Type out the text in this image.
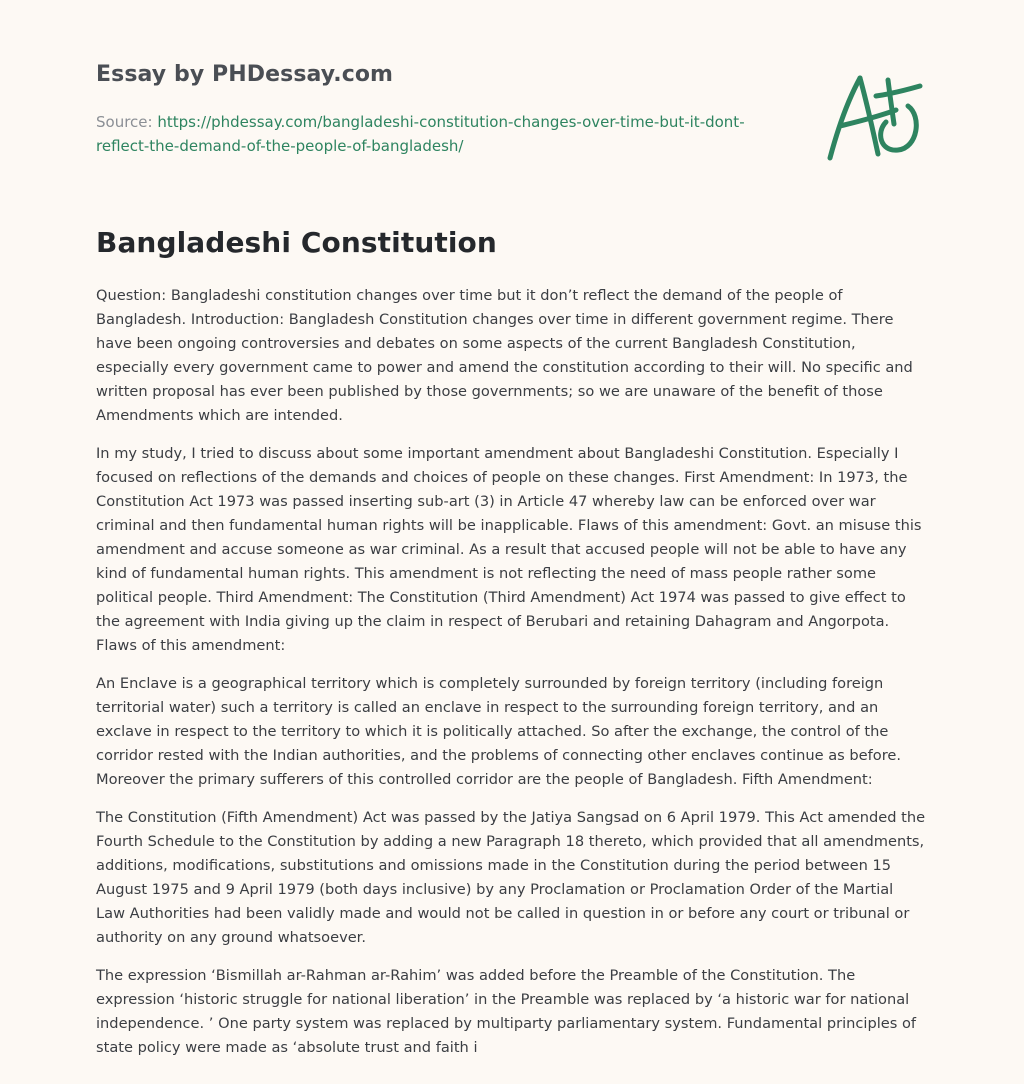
Essay by PHDessay.com
Source: https://phdessay.com/bangladeshi-constitution-changes-over-time-but-it-dont-reflect-the-demand-of-the-people-of-bangladesh/
Bangladeshi Constitution

Question: Bangladeshi constitution changes over time but it don’t reflect the demand of the people of Bangladesh. Introduction: Bangladesh Constitution changes over time in different government regime. There have been ongoing controversies and debates on some aspects of the current Bangladesh Constitution, especially every government came to power and amend the constitution according to their will. No specific and written proposal has ever been published by those governments; so we are unaware of the benefit of those Amendments which are intended.

In my study, I tried to discuss about some important amendment about Bangladeshi Constitution. Especially I focused on reflections of the demands and choices of people on these changes. First Amendment: In 1973, the Constitution Act 1973 was passed inserting sub-art (3) in Article 47 whereby law can be enforced over war criminal and then fundamental human rights will be inapplicable. Flaws of this amendment: Govt. an misuse this amendment and accuse someone as war criminal. As a result that accused people will not be able to have any kind of fundamental human rights. This amendment is not reflecting the need of mass people rather some political people. Third Amendment: The Constitution (Third Amendment) Act 1974 was passed to give effect to the agreement with India giving up the claim in respect of Berubari and retaining Dahagram and Angorpota. Flaws of this amendment:

An Enclave is a geographical territory which is completely surrounded by foreign territory (including foreign territorial water) such a territory is called an enclave in respect to the surrounding foreign territory, and an exclave in respect to the territory to which it is politically attached. So after the exchange, the control of the corridor rested with the Indian authorities, and the problems of connecting other enclaves continue as before. Moreover the primary sufferers of this controlled corridor are the people of Bangladesh. Fifth Amendment:

The Constitution (Fifth Amendment) Act was passed by the Jatiya Sangsad on 6 April 1979. This Act amended the Fourth Schedule to the Constitution by adding a new Paragraph 18 thereto, which provided that all amendments, additions, modifications, substitutions and omissions made in the Constitution during the period between 15 August 1975 and 9 April 1979 (both days inclusive) by any Proclamation or Proclamation Order of the Martial Law Authorities had been validly made and would not be called in question in or before any court or tribunal or authority on any ground whatsoever.

The expression ‘Bismillah ar-Rahman ar-Rahim’ was added before the Preamble of the Constitution. The expression ‘historic struggle for national liberation’ in the Preamble was replaced by ‘a historic war for national independence. ’ One party system was replaced by multiparty parliamentary system. Fundamental principles of state policy were made as ‘absolute trust and faith i
